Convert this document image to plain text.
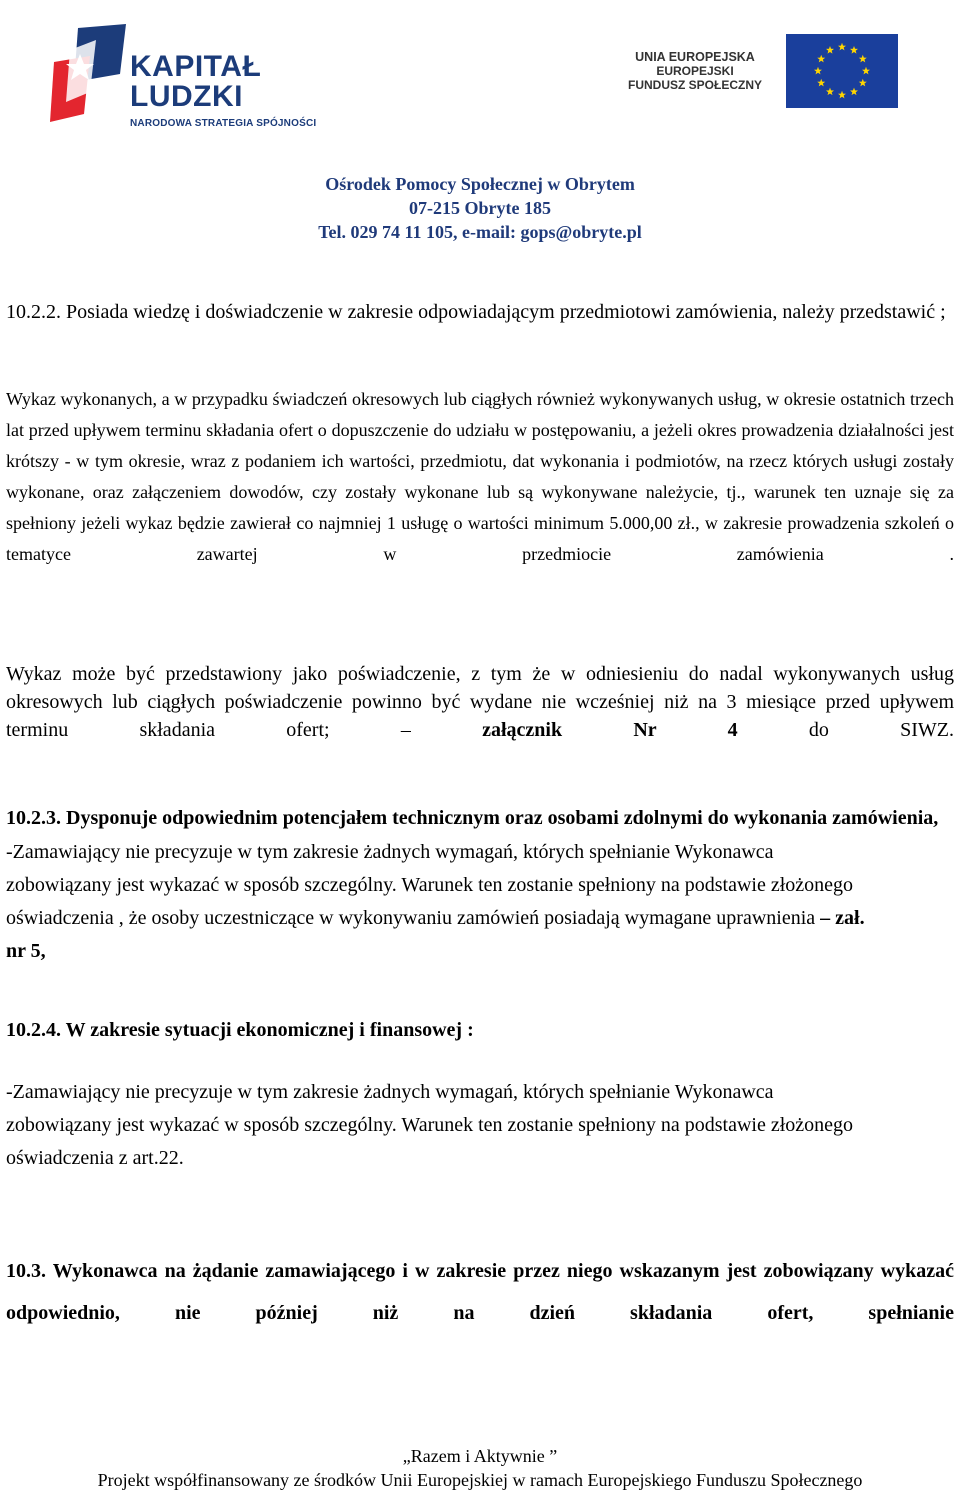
KAPITAŁ LUDZKI
NARODOWA STRATEGIA SPÓJNOŚCI
UNIA EUROPEJSKA
EUROPEJSKI
FUNDUSZ SPOŁECZNY
Ośrodek Pomocy Społecznej w Obrytem
07-215 Obryte 185
Tel. 029 74 11 105, e-mail: gops@obryte.pl
10.2.2. Posiada wiedzę i doświadczenie w zakresie odpowiadającym przedmiotowi zamówienia, należy przedstawić ;
Wykaz wykonanych, a w przypadku świadczeń okresowych lub ciągłych również wykonywanych usług, w okresie ostatnich trzech lat przed upływem terminu składania ofert o dopuszczenie do udziału w postępowaniu, a jeżeli okres prowadzenia działalności jest krótszy - w tym okresie, wraz z podaniem ich wartości, przedmiotu, dat wykonania i podmiotów, na rzecz których usługi zostały wykonane, oraz załączeniem dowodów, czy zostały wykonane lub są wykonywane należycie, tj., warunek ten uznaje się za spełniony jeżeli wykaz będzie zawierał co najmniej 1 usługę o wartości minimum 5.000,00 zł., w zakresie prowadzenia szkoleń o tematyce zawartej w przedmiocie zamówienia .
Wykaz może być przedstawiony jako poświadczenie, z tym że w odniesieniu do nadal wykonywanych usług okresowych lub ciągłych poświadczenie powinno być wydane nie wcześniej niż na 3 miesiące przed upływem terminu składania ofert; – załącznik Nr 4 do SIWZ.
10.2.3. Dysponuje odpowiednim potencjałem technicznym oraz osobami zdolnymi do wykonania zamówienia,
-Zamawiający nie precyzuje w tym zakresie żadnych wymagań, których spełnianie Wykonawca zobowiązany jest wykazać w sposób szczególny. Warunek ten zostanie spełniony na podstawie złożonego oświadczenia , że osoby uczestniczące w wykonywaniu zamówień posiadają wymagane uprawnienia – zał. nr 5,
10.2.4. W zakresie sytuacji ekonomicznej i finansowej :
-Zamawiający nie precyzuje w tym zakresie żadnych wymagań, których spełnianie Wykonawca zobowiązany jest wykazać w sposób szczególny. Warunek ten zostanie spełniony na podstawie złożonego oświadczenia z art.22.
10.3. Wykonawca na żądanie zamawiającego i w zakresie przez niego wskazanym jest zobowiązany wykazać odpowiednio, nie później niż na dzień składania ofert, spełnianie
„Razem i Aktywnie ”
Projekt współfinansowany ze środków Unii Europejskiej w ramach Europejskiego Funduszu Społecznego
